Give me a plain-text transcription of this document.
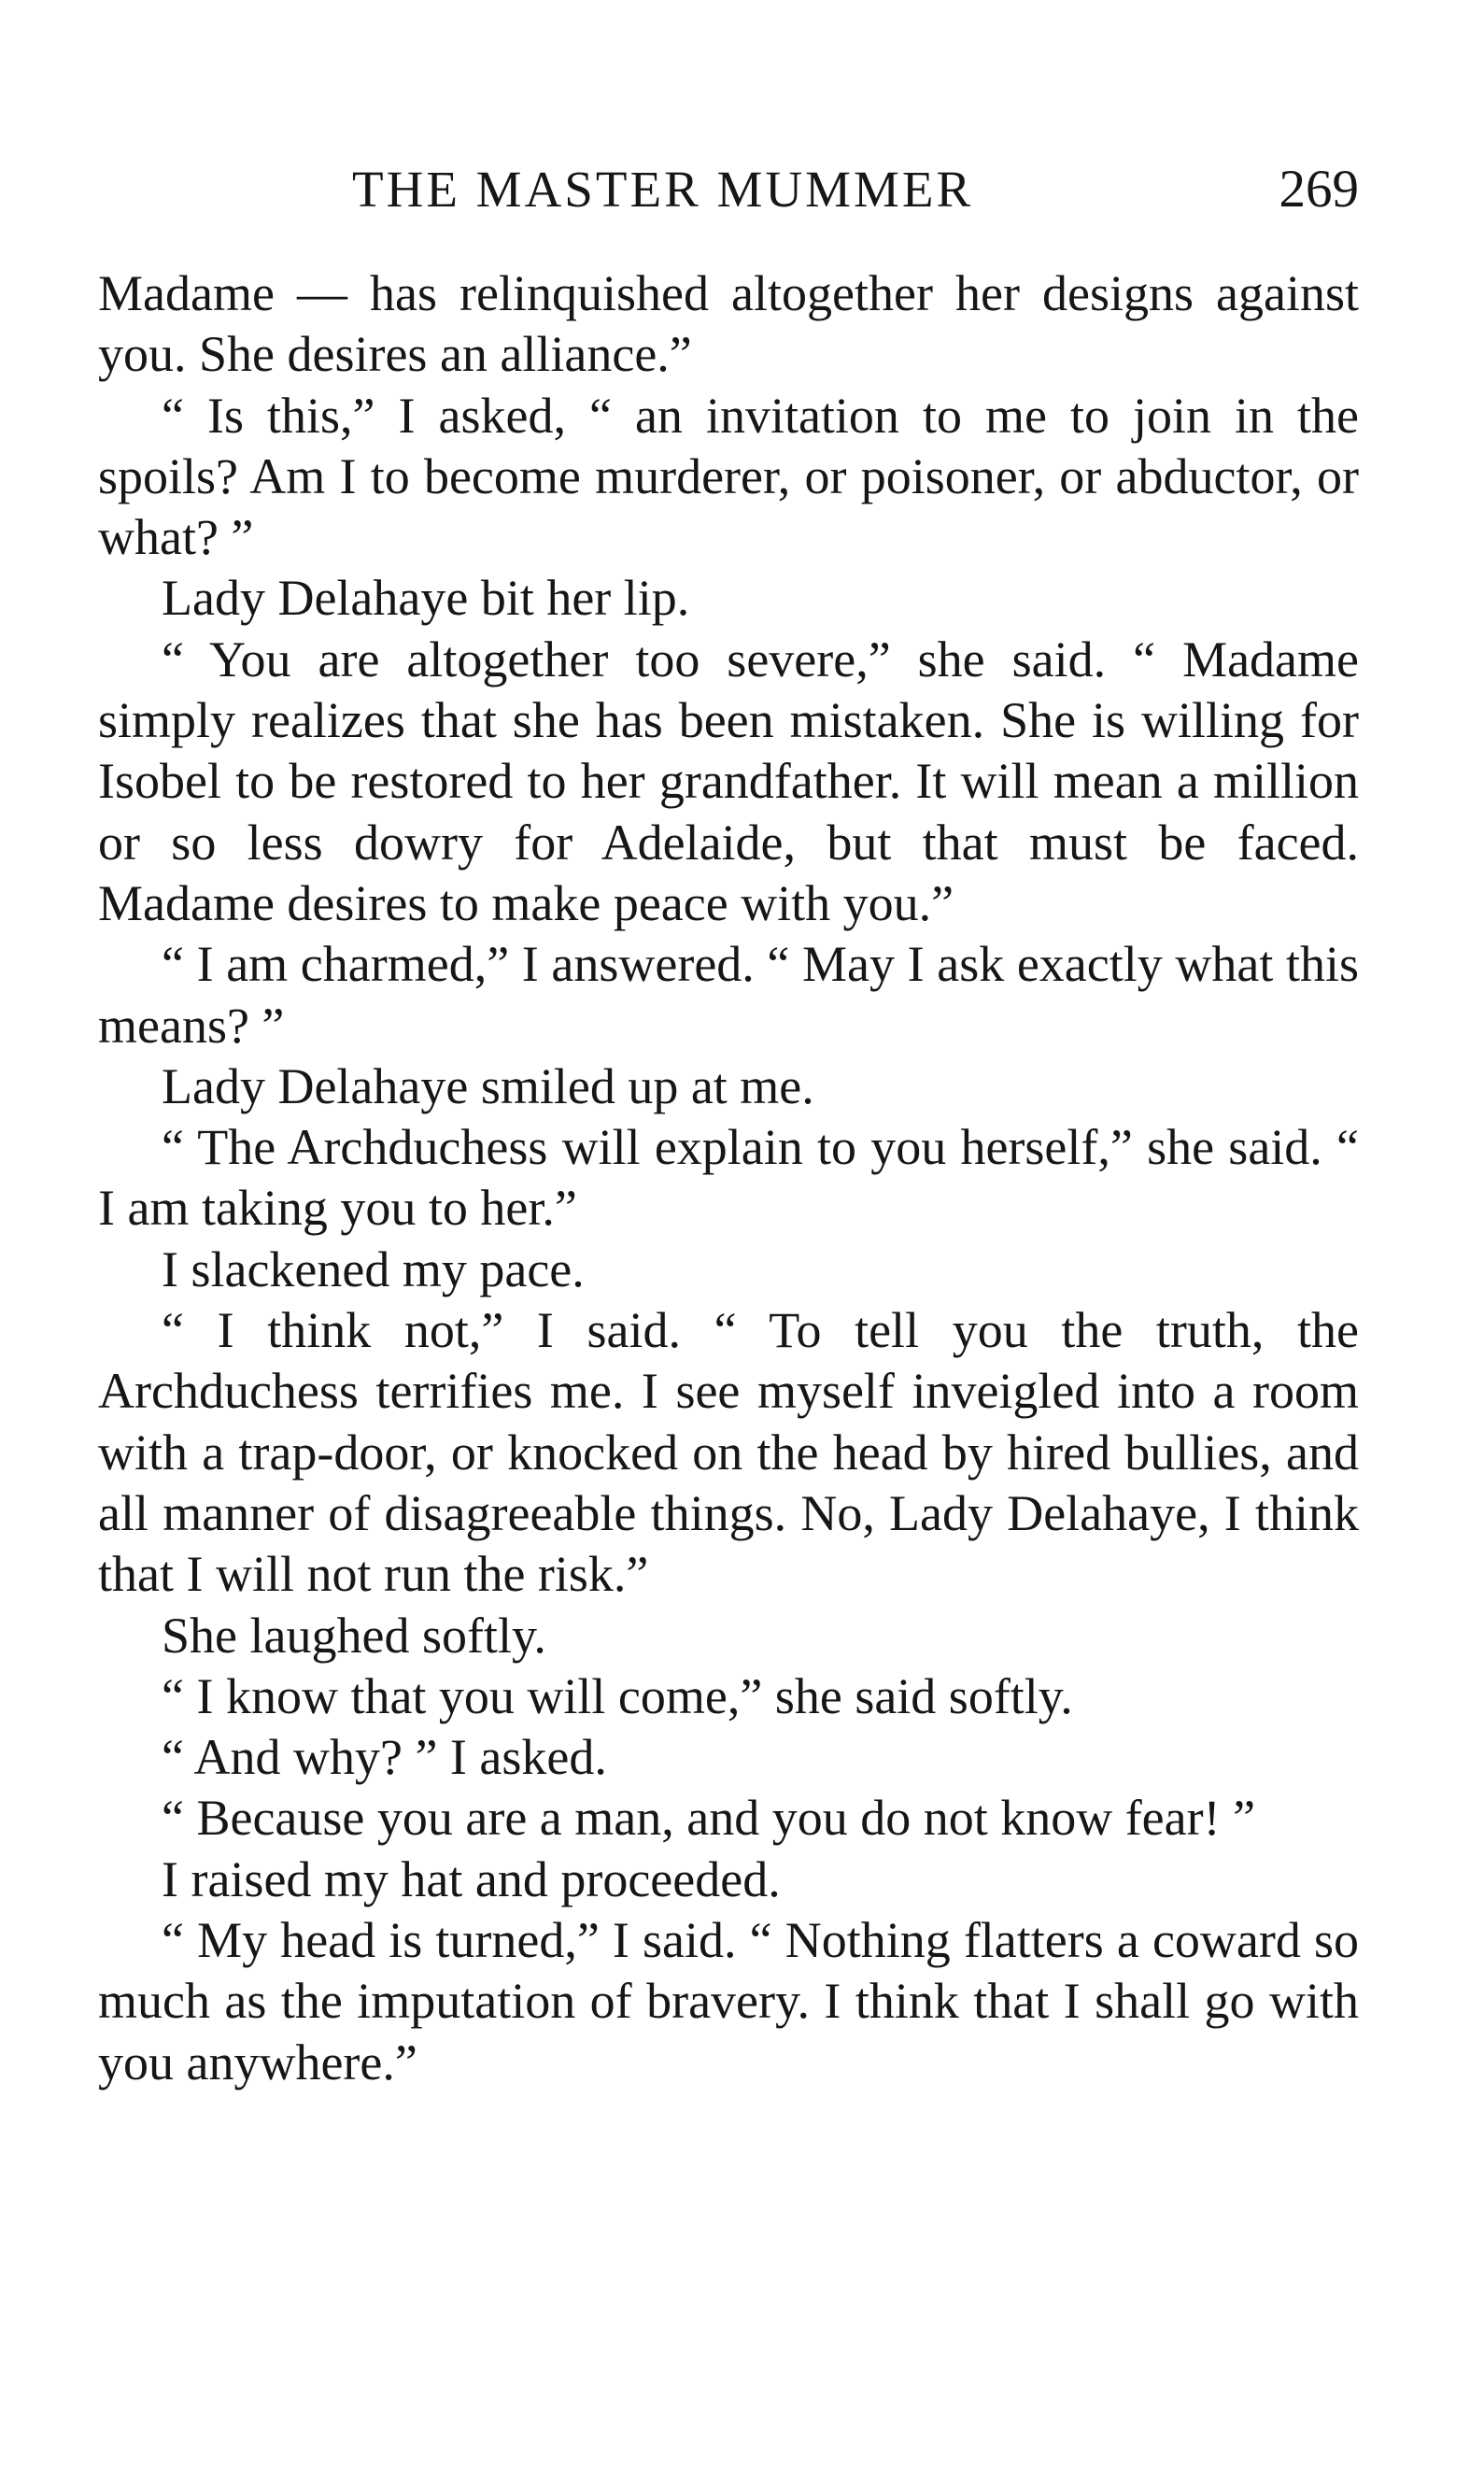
THE MASTER MUMMER	269

Madame — has relinquished altogether her designs against you. She desires an alliance.”

“ Is this,” I asked, “ an invitation to me to join in the spoils? Am I to become murderer, or poisoner, or abductor, or what? ”

Lady Delahaye bit her lip.

“ You are altogether too severe,” she said. “ Madame simply realizes that she has been mistaken. She is willing for Isobel to be restored to her grandfather. It will mean a million or so less dowry for Adelaide, but that must be faced. Madame desires to make peace with you.”

“ I am charmed,” I answered. “ May I ask exactly what this means? ”

Lady Delahaye smiled up at me.

“ The Archduchess will explain to you herself,” she said. “ I am taking you to her.”

I slackened my pace.

“ I think not,” I said. “ To tell you the truth, the Archduchess terrifies me. I see myself inveigled into a room with a trap-door, or knocked on the head by hired bullies, and all manner of disagreeable things. No, Lady Delahaye, I think that I will not run the risk.”

She laughed softly.

“ I know that you will come,” she said softly.

“ And why? ” I asked.

“ Because you are a man, and you do not know fear! ”

I raised my hat and proceeded.

“ My head is turned,” I said. “ Nothing flatters a coward so much as the imputation of bravery. I think that I shall go with you anywhere.”
